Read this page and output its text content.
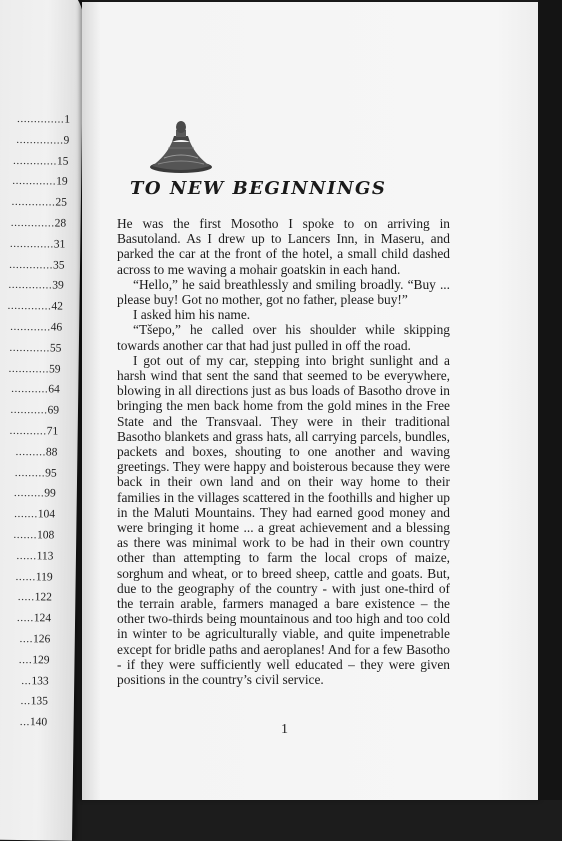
..............1
..............9
.............15
.............19
.............25
.............28
.............31
.............35
.............39
.............42
............46
............55
............59
...........64
...........69
...........71
.........88
.........95
.........99
.......104
.......108
......113
......119
.....122
.....124
....126
....129
...133
...135
...140
TO NEW BEGINNINGS

He was the first Mosotho I spoke to on arriving in Basutoland. As I drew up to Lancers Inn, in Maseru, and parked the car at the front of the hotel, a small child dashed across to me waving a mohair goatskin in each hand.

“Hello,” he said breathlessly and smiling broadly. “Buy ... please buy! Got no mother, got no father, please buy!”

I asked him his name.

“Tšepo,” he called over his shoulder while skipping towards another car that had just pulled in off the road.

I got out of my car, stepping into bright sunlight and a harsh wind that sent the sand that seemed to be everywhere, blowing in all directions just as bus loads of Basotho drove in bringing the men back home from the gold mines in the Free State and the Transvaal. They were in their traditional Basotho blankets and grass hats, all carrying parcels, bundles, packets and boxes, shouting to one another and waving greetings. They were happy and boisterous because they were back in their own land and on their way home to their families in the villages scattered in the foothills and higher up in the Maluti Mountains. They had earned good money and were bringing it home ... a great achievement and a blessing as there was minimal work to be had in their own country other than attempting to farm the local crops of maize, sorghum and wheat, or to breed sheep, cattle and goats. But, due to the geography of the country - with just one-third of the terrain arable, farmers managed a bare existence – the other two-thirds being mountainous and too high and too cold in winter to be agriculturally viable, and quite impenetrable except for bridle paths and aeroplanes! And for a few Basotho - if they were sufficiently well educated – they were given positions in the country’s civil service.

1
